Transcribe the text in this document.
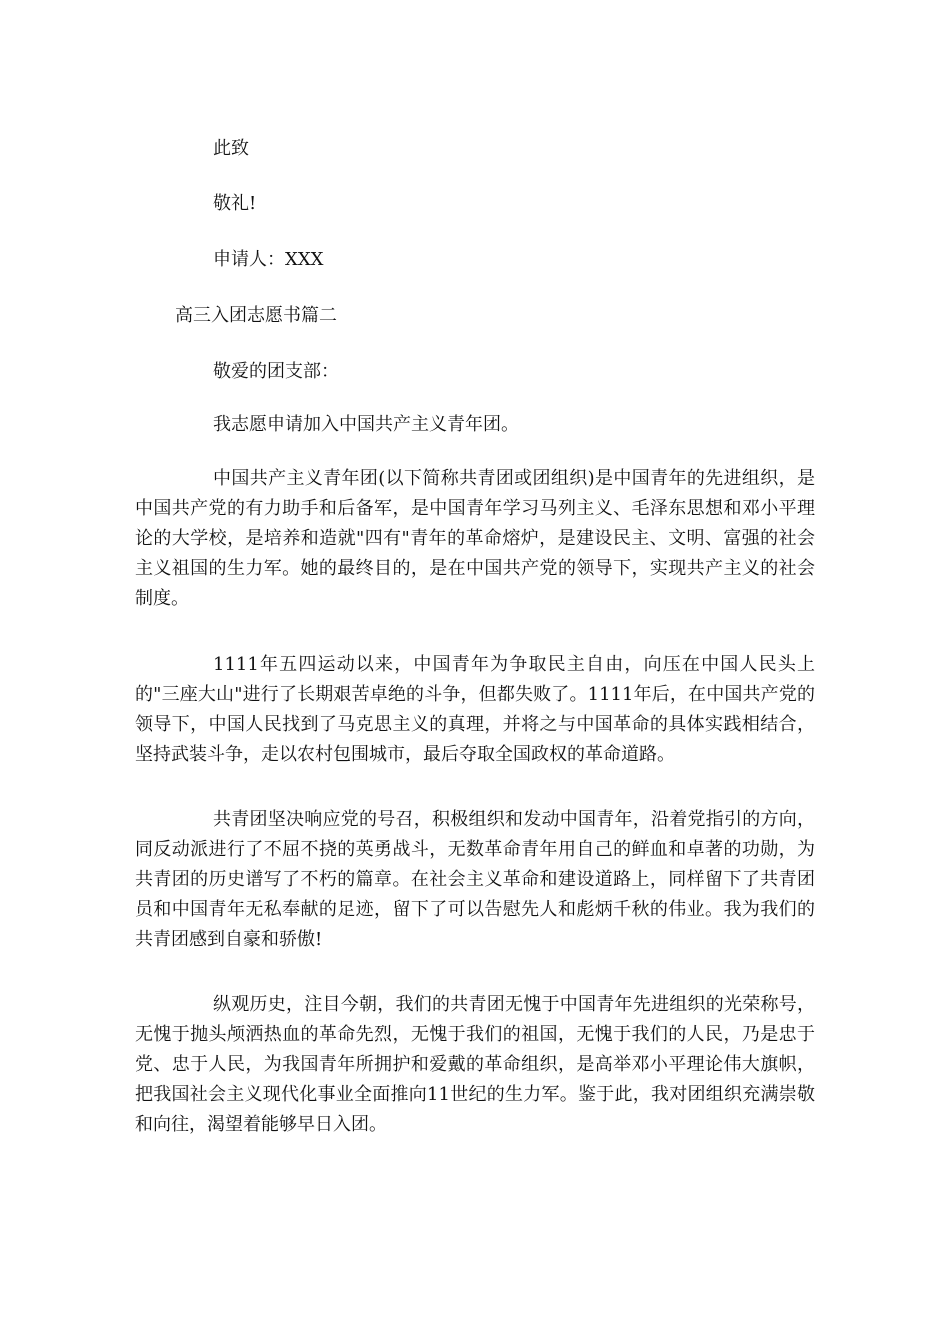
此致

敬礼!

申请人：XXX

高三入团志愿书篇二

敬爱的团支部：

我志愿申请加入中国共产主义青年团。

中国共产主义青年团(以下简称共青团或团组织)是中国青年的先进组织，是中国共产党的有力助手和后备军，是中国青年学习马列主义、毛泽东思想和邓小平理论的大学校，是培养和造就"四有"青年的革命熔炉，是建设民主、文明、富强的社会主义祖国的生力军。她的最终目的，是在中国共产党的领导下，实现共产主义的社会制度。

1111年五四运动以来，中国青年为争取民主自由，向压在中国人民头上的"三座大山"进行了长期艰苦卓绝的斗争，但都失败了。1111年后，在中国共产党的领导下，中国人民找到了马克思主义的真理，并将之与中国革命的具体实践相结合，坚持武装斗争，走以农村包围城市，最后夺取全国政权的革命道路。

共青团坚决响应党的号召，积极组织和发动中国青年，沿着党指引的方向，同反动派进行了不屈不挠的英勇战斗，无数革命青年用自己的鲜血和卓著的功勋，为共青团的历史谱写了不朽的篇章。在社会主义革命和建设道路上，同样留下了共青团员和中国青年无私奉献的足迹，留下了可以告慰先人和彪炳千秋的伟业。我为我们的共青团感到自豪和骄傲!

纵观历史，注目今朝，我们的共青团无愧于中国青年先进组织的光荣称号，无愧于抛头颅洒热血的革命先烈，无愧于我们的祖国，无愧于我们的人民，乃是忠于党、忠于人民，为我国青年所拥护和爱戴的革命组织，是高举邓小平理论伟大旗帜，把我国社会主义现代化事业全面推向11世纪的生力军。鉴于此，我对团组织充满崇敬和向往，渴望着能够早日入团。
